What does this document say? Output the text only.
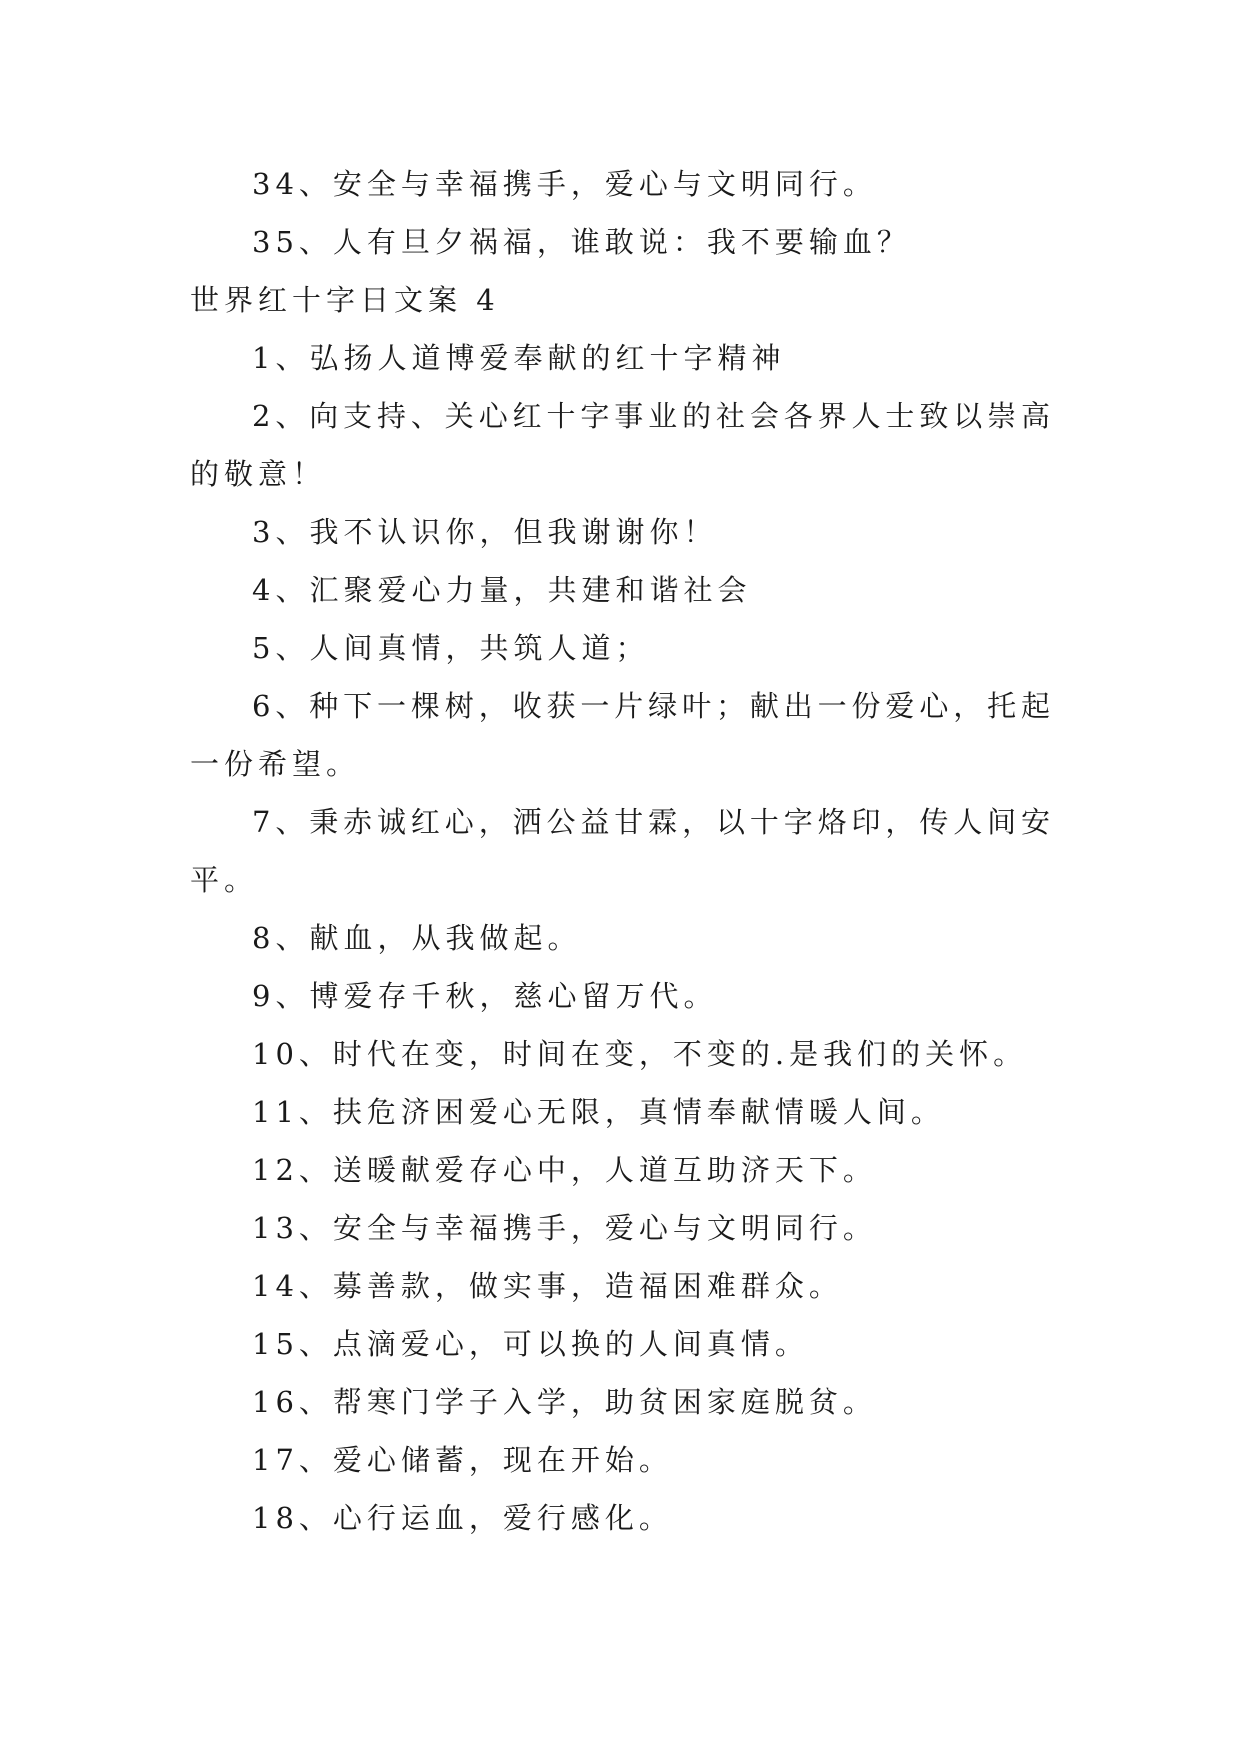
34、安全与幸福携手，爱心与文明同行。
35、人有旦夕祸福，谁敢说：我不要输血？
世界红十字日文案 4
1、弘扬人道博爱奉献的红十字精神
2、向支持、关心红十字事业的社会各界人士致以崇高
的敬意！
3、我不认识你，但我谢谢你！
4、汇聚爱心力量，共建和谐社会
5、人间真情，共筑人道；
6、种下一棵树，收获一片绿叶；献出一份爱心，托起
一份希望。
7、秉赤诚红心，洒公益甘霖，以十字烙印，传人间安
平。
8、献血，从我做起。
9、博爱存千秋，慈心留万代。
10、时代在变，时间在变，不变的.是我们的关怀。
11、扶危济困爱心无限，真情奉献情暖人间。
12、送暖献爱存心中，人道互助济天下。
13、安全与幸福携手，爱心与文明同行。
14、募善款，做实事，造福困难群众。
15、点滴爱心，可以换的人间真情。
16、帮寒门学子入学，助贫困家庭脱贫。
17、爱心储蓄，现在开始。
18、心行运血，爱行感化。
